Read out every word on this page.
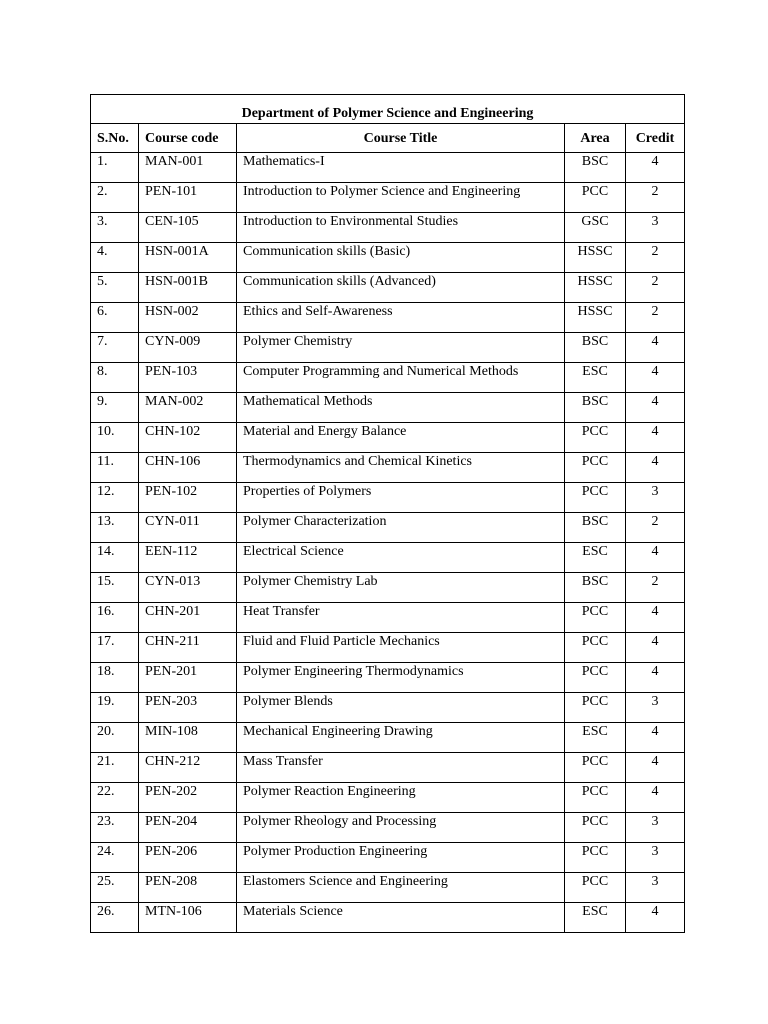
Department of Polymer Science and Engineering				
S.No.	Course code	Course Title	Area	Credit
1.	MAN-001	Mathematics-I	BSC	4
2.	PEN-101	Introduction to Polymer Science and Engineering	PCC	2
3.	CEN-105	Introduction to Environmental Studies	GSC	3
4.	HSN-001A	Communication skills (Basic)	HSSC	2
5.	HSN-001B	Communication skills (Advanced)	HSSC	2
6.	HSN-002	Ethics and Self-Awareness	HSSC	2
7.	CYN-009	Polymer Chemistry	BSC	4
8.	PEN-103	Computer Programming and Numerical Methods	ESC	4
9.	MAN-002	Mathematical Methods	BSC	4
10.	CHN-102	Material and Energy Balance	PCC	4
11.	CHN-106	Thermodynamics and Chemical Kinetics	PCC	4
12.	PEN-102	Properties of Polymers	PCC	3
13.	CYN-011	Polymer Characterization	BSC	2
14.	EEN-112	Electrical Science	ESC	4
15.	CYN-013	Polymer Chemistry Lab	BSC	2
16.	CHN-201	Heat Transfer	PCC	4
17.	CHN-211	Fluid and Fluid Particle Mechanics	PCC	4
18.	PEN-201	Polymer Engineering Thermodynamics	PCC	4
19.	PEN-203	Polymer Blends	PCC	3
20.	MIN-108	Mechanical Engineering Drawing	ESC	4
21.	CHN-212	Mass Transfer	PCC	4
22.	PEN-202	Polymer Reaction Engineering	PCC	4
23.	PEN-204	Polymer Rheology and Processing	PCC	3
24.	PEN-206	Polymer Production Engineering	PCC	3
25.	PEN-208	Elastomers Science and Engineering	PCC	3
26.	MTN-106	Materials Science	ESC	4
